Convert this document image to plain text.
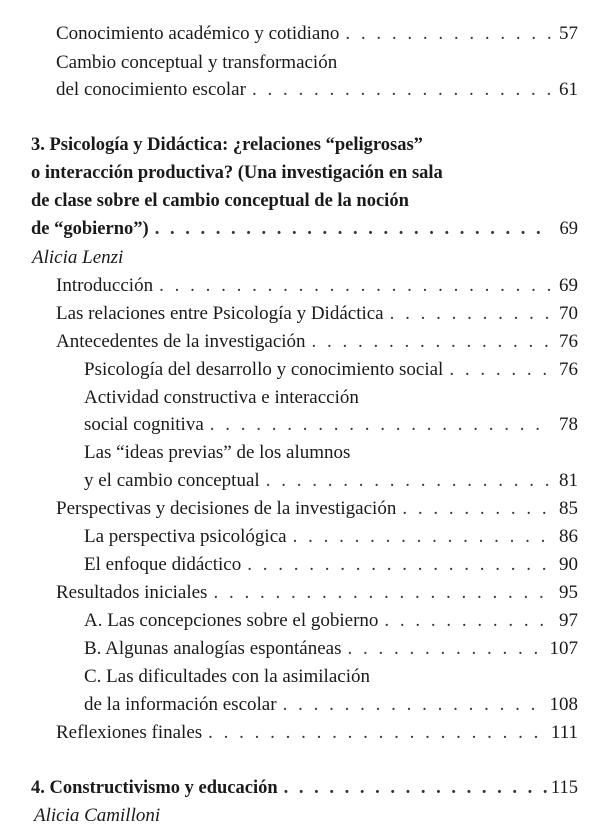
Conocimiento académico y cotidiano . . .	57
Cambio conceptual y transformación
del conocimiento escolar . . .	61
3. Psicología y Didáctica: ¿relaciones “peligrosas”
o interacción productiva? (Una investigación en sala
de clase sobre el cambio conceptual de la noción
de “gobierno”) . . .	69
Alicia Lenzi
Introducción . . .	69
Las relaciones entre Psicología y Didáctica . . .	70
Antecedentes de la investigación . . .	76
Psicología del desarrollo y conocimiento social . . .	76
Actividad constructiva e interacción
social cognitiva . . .	78
Las “ideas previas” de los alumnos
y el cambio conceptual . . .	81
Perspectivas y decisiones de la investigación . . .	85
La perspectiva psicológica . . .	86
El enfoque didáctico . . .	90
Resultados iniciales . . .	95
A. Las concepciones sobre el gobierno . . .	97
B. Algunas analogías espontáneas . . .	107
C. Las dificultades con la asimilación
de la información escolar . . .	108
Reflexiones finales . . .	111
4. Constructivismo y educación . . .	115
Alicia Camilloni
